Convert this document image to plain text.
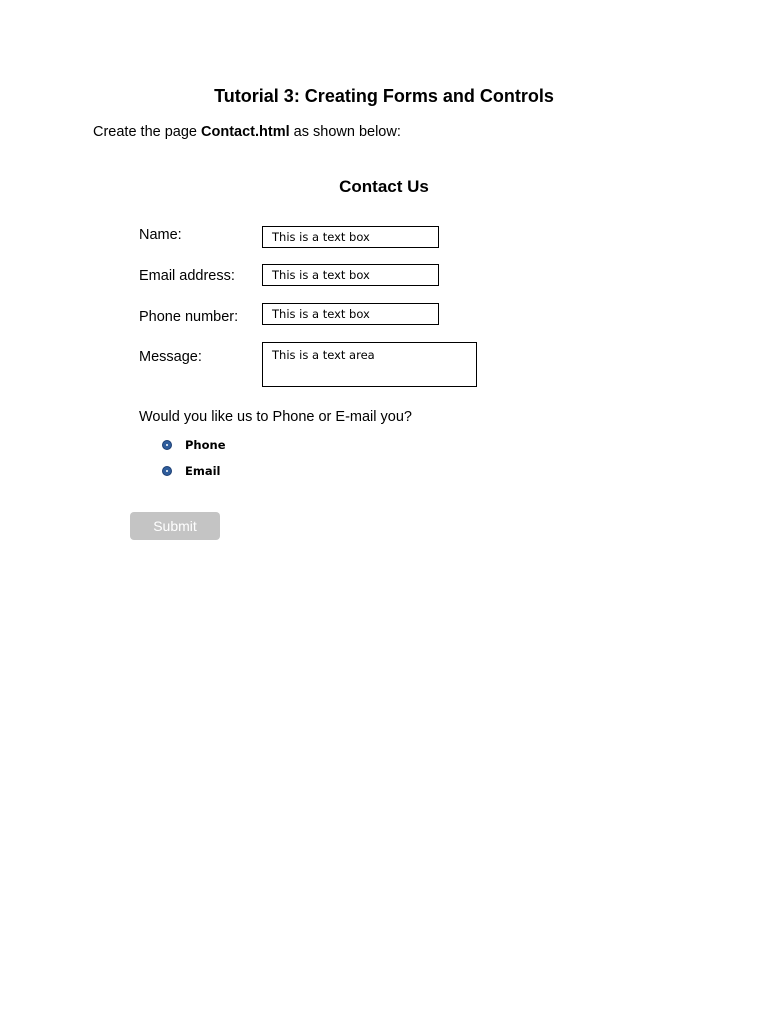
Tutorial 3: Creating Forms and Controls

Create the page Contact.html as shown below:

Contact Us
Name:	This is a text box
Email address:	This is a text box
Phone number:	This is a text box
Message:	This is a text area
Would you like us to Phone or E-mail you?
Phone
Email
Submit
